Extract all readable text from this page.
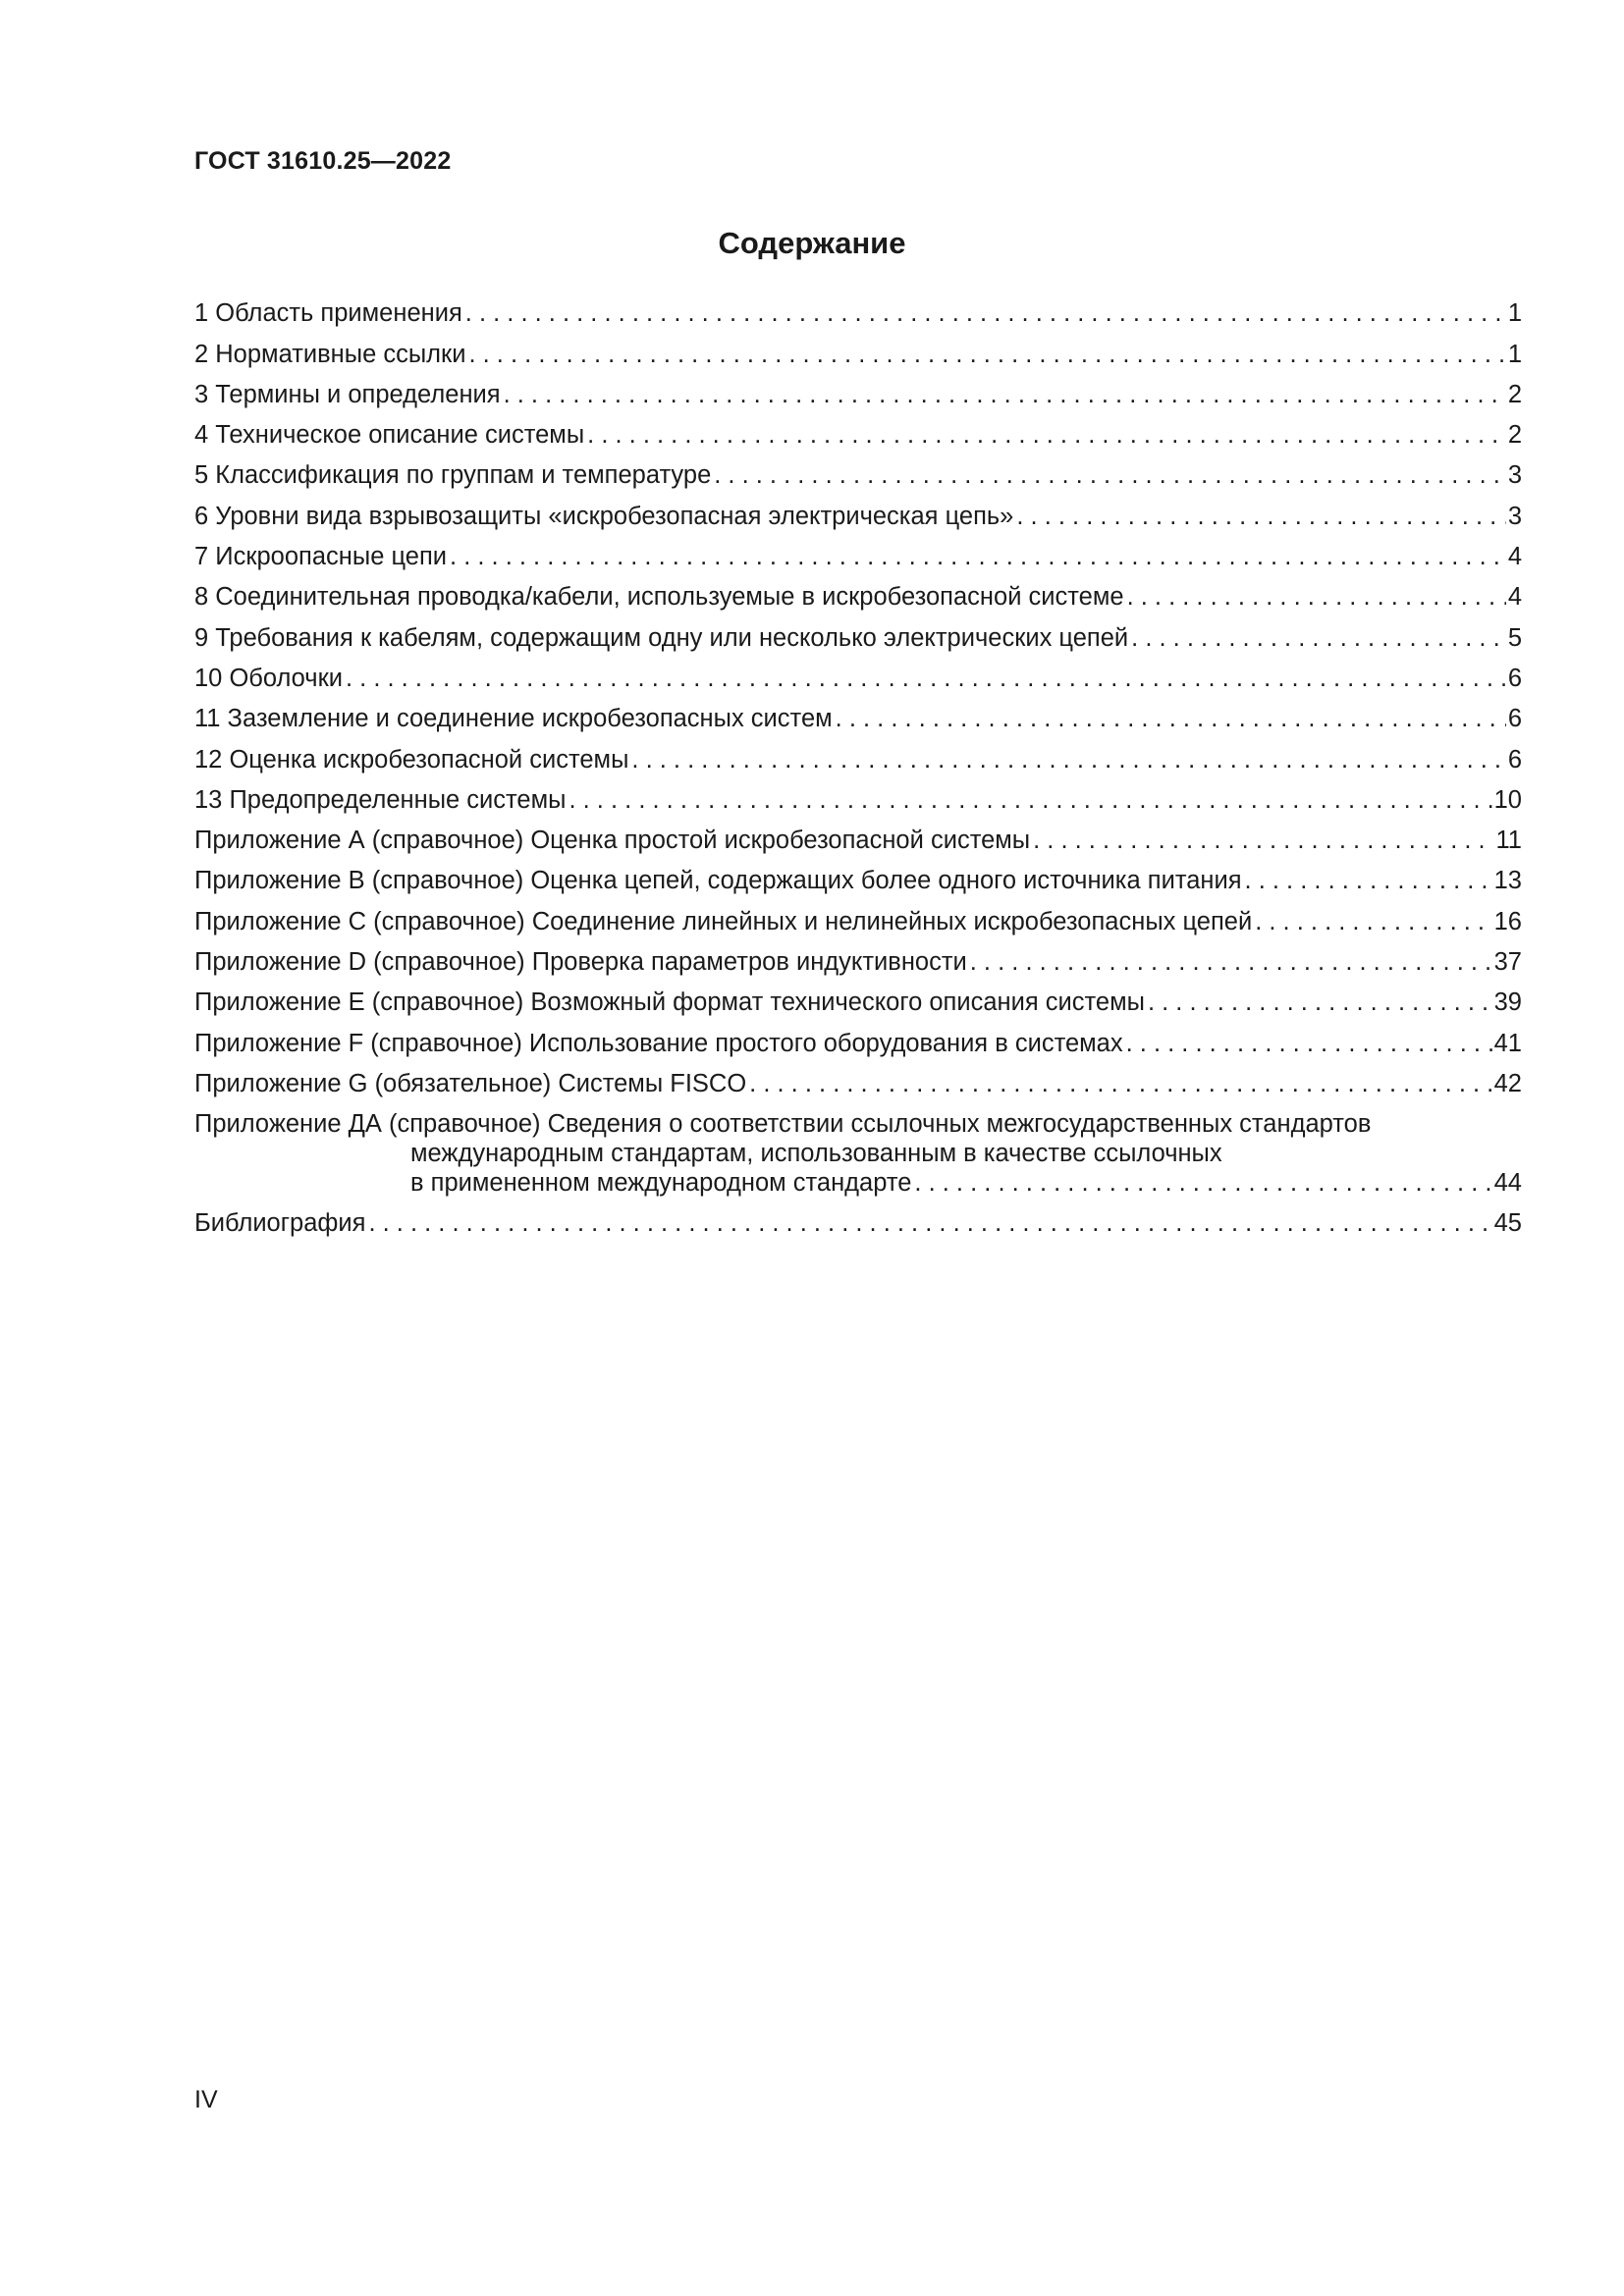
ГОСТ 31610.25—2022
Содержание
1 Область применения . . .	1
2 Нормативные ссылки . . .	1
3 Термины и определения . . .	2
4 Техническое описание системы . . .	2
5 Классификация по группам и температуре . . .	3
6 Уровни вида взрывозащиты «искробезопасная электрическая цепь» . . .	3
7 Искроопасные цепи . . .	4
8 Соединительная проводка/кабели, используемые в искробезопасной системе . . .	4
9 Требования к кабелям, содержащим одну или несколько электрических цепей . . .	5
10 Оболочки . . .	6
11 Заземление и соединение искробезопасных систем . . .	6
12 Оценка искробезопасной системы . . .	6
13 Предопределенные системы . . .	10
Приложение А (справочное) Оценка простой искробезопасной системы . . .	11
Приложение В (справочное) Оценка цепей, содержащих более одного источника питания . . .	13
Приложение С (справочное) Соединение линейных и нелинейных искробезопасных цепей . . .	16
Приложение D (справочное) Проверка параметров индуктивности . . .	37
Приложение Е (справочное) Возможный формат технического описания системы . . .	39
Приложение F (справочное) Использование простого оборудования в системах . . .	41
Приложение G (обязательное) Системы FISCO . . .	42
Приложение ДА (справочное) Сведения о соответствии ссылочных межгосударственных стандартов
международным стандартам, использованным в качестве ссылочных
в примененном международном стандарте . . .	44
Библиография . . .	45
IV
